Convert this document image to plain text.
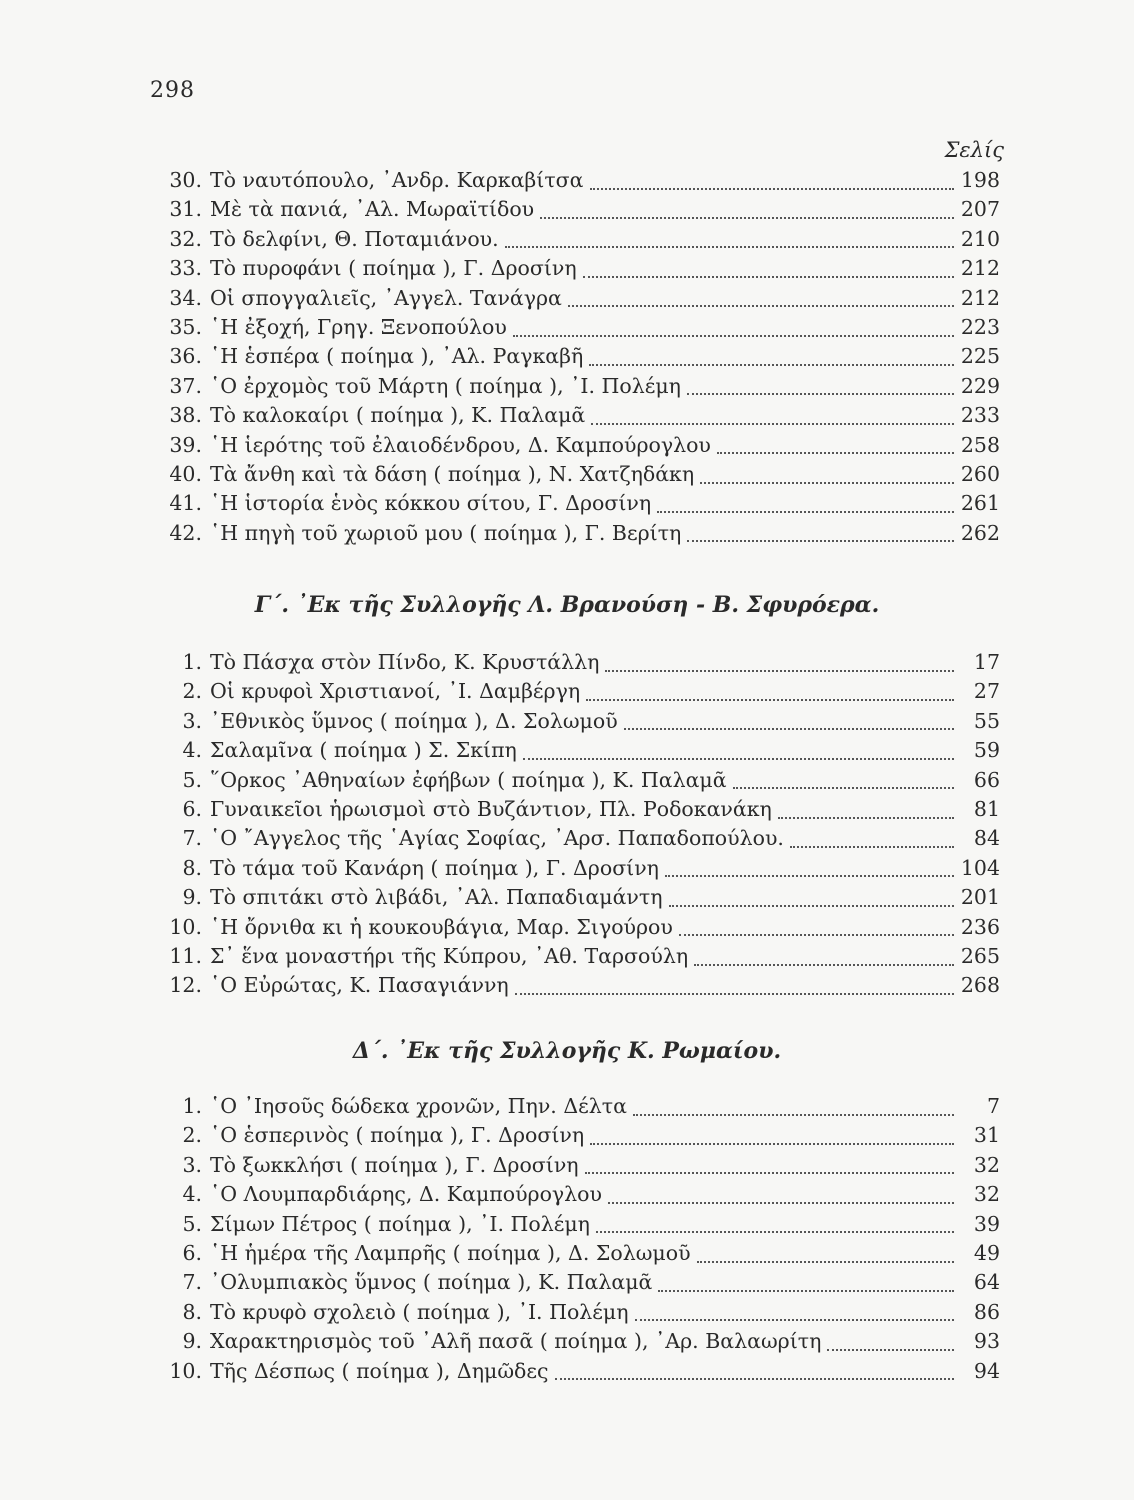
298
Σελίς
30. Τὸ ναυτόπουλο, ᾿Ανδρ. Καρκαβίτσα	198
31. Μὲ τὰ πανιά, ᾿Αλ. Μωραϊτίδου	207
32. Τὸ δελφίνι, Θ. Ποταμιάνου.	210
33. Τὸ πυροφάνι ( ποίημα ), Γ. Δροσίνη	212
34. Οἱ σπογγαλιεῖς, ᾿Αγγελ. Τανάγρα	212
35. ῾Η ἐξοχή, Γρηγ. Ξενοπούλου	223
36. ῾Η ἑσπέρα ( ποίημα ), ᾿Αλ. Ραγκαβῆ	225
37. ῾Ο ἐρχομὸς τοῦ Μάρτη ( ποίημα ), ᾿Ι. Πολέμη	229
38. Τὸ καλοκαίρι ( ποίημα ), Κ. Παλαμᾶ	233
39. ῾Η ἱερότης τοῦ ἐλαιοδένδρου, Δ. Καμπούρογλου	258
40. Τὰ ἄνθη καὶ τὰ δάση ( ποίημα ), Ν. Χατζηδάκη	260
41. ῾Η ἱστορία ἑνὸς κόκκου σίτου, Γ. Δροσίνη	261
42. ῾Η πηγὴ τοῦ χωριοῦ μου ( ποίημα ), Γ. Βερίτη	262
Γ΄. ᾿Εκ τῆς Συλλογῆς Λ. Βρανούση - Β. Σφυρόερα.
1. Τὸ Πάσχα στὸν Πίνδο, Κ. Κρυστάλλη	17
2. Οἱ κρυφοὶ Χριστιανοί, ᾿Ι. Δαμβέργη	27
3. ᾿Εθνικὸς ὕμνος ( ποίημα ), Δ. Σολωμοῦ	55
4. Σαλαμῖνα ( ποίημα ) Σ. Σκίπη	59
5. ῞Ορκος ᾿Αθηναίων ἐφήβων ( ποίημα ), Κ. Παλαμᾶ	66
6. Γυναικεῖοι ἡρωισμοὶ στὸ Βυζάντιον, Πλ. Ροδοκανάκη	81
7. ῾Ο ῎Αγγελος τῆς ῾Αγίας Σοφίας, ᾿Αρσ. Παπαδοπούλου.	84
8. Τὸ τάμα τοῦ Κανάρη ( ποίημα ), Γ. Δροσίνη	104
9. Τὸ σπιτάκι στὸ λιβάδι, ᾿Αλ. Παπαδιαμάντη	201
10. ῾Η ὄρνιθα κι ἡ κουκουβάγια, Μαρ. Σιγούρου	236
11. Σ᾿ ἕνα μοναστήρι τῆς Κύπρου, ᾿Αθ. Ταρσούλη	265
12. ῾Ο Εὐρώτας, Κ. Πασαγιάννη	268
Δ΄. ᾿Εκ τῆς Συλλογῆς Κ. Ρωμαίου.
1. ῾Ο ᾿Ιησοῦς δώδεκα χρονῶν, Πην. Δέλτα	7
2. ῾Ο ἑσπερινὸς ( ποίημα ), Γ. Δροσίνη	31
3. Τὸ ξωκκλήσι ( ποίημα ), Γ. Δροσίνη	32
4. ῾Ο Λουμπαρδιάρης, Δ. Καμπούρογλου	32
5. Σίμων Πέτρος ( ποίημα ), ᾿Ι. Πολέμη	39
6. ῾Η ἡμέρα τῆς Λαμπρῆς ( ποίημα ), Δ. Σολωμοῦ	49
7. ᾿Ολυμπιακὸς ὕμνος ( ποίημα ), Κ. Παλαμᾶ	64
8. Τὸ κρυφὸ σχολειὸ ( ποίημα ), ᾿Ι. Πολέμη	86
9. Χαρακτηρισμὸς τοῦ ᾿Αλῆ πασᾶ ( ποίημα ), ᾿Αρ. Βαλαωρίτη	93
10. Τῆς Δέσπως ( ποίημα ), Δημῶδες	94
